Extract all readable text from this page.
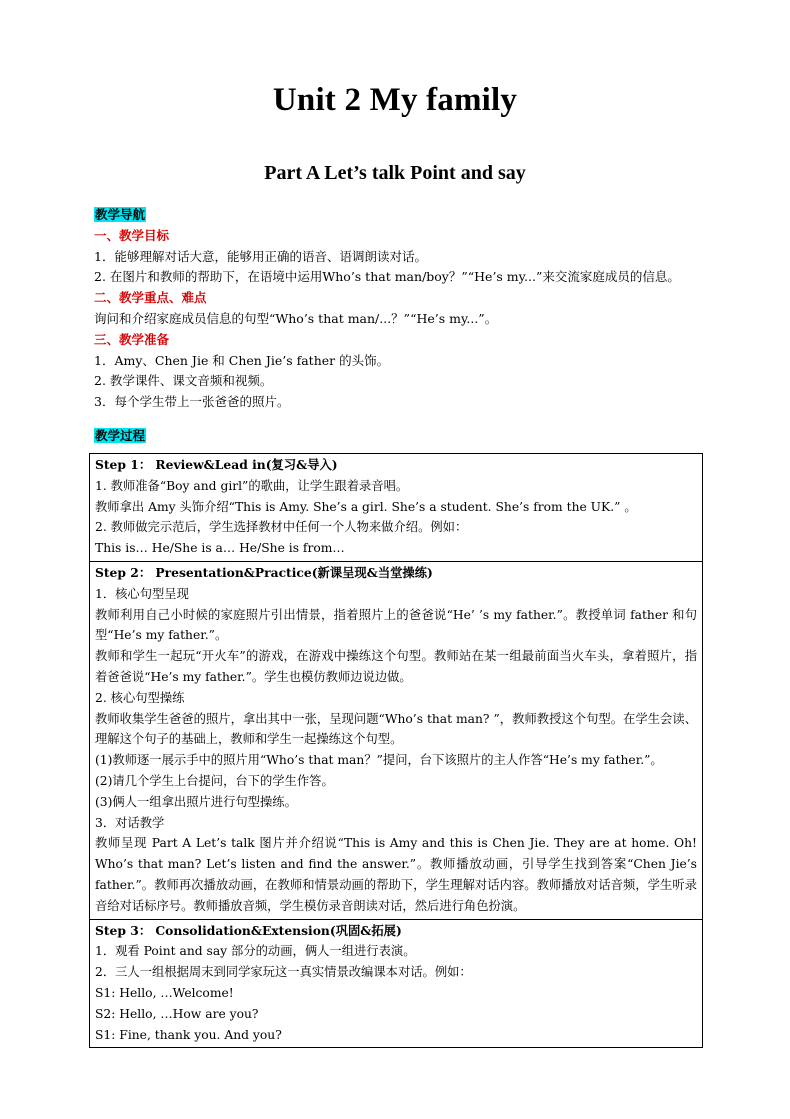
Unit 2 My family
Part A Let’s talk Point and say
教学导航
一、教学目标
1．能够理解对话大意，能够用正确的语音、语调朗读对话。
2. 在图片和教师的帮助下，在语境中运用Who’s that man/boy？”“He’s my...”来交流家庭成员的信息。
二、教学重点、难点
询问和介绍家庭成员信息的句型“Who’s that man/...？”“He’s my...”。
三、教学准备
1．Amy、Chen Jie 和 Chen Jie’s father 的头饰。
2. 教学课件、课文音频和视频。
3．每个学生带上一张爸爸的照片。
教学过程
Step 1： Review&Lead in(复习&导入)
1. 教师准备“Boy and girl”的歌曲，让学生跟着录音唱。
教师拿出 Amy 头饰介绍“This is Amy. She’s a girl. She’s a student. She’s from the UK.” 。
2. 教师做完示范后，学生选择教材中任何一个人物来做介绍。例如：
This is… He/She is a… He/She is from…

Step 2： Presentation&Practice(新课呈现&当堂操练)
1．核心句型呈现
教师利用自己小时候的家庭照片引出情景，指着照片上的爸爸说“He’ ’s my father.”。教授单词 father 和句型“He’s my father.”。
教师和学生一起玩“开火车”的游戏，在游戏中操练这个句型。教师站在某一组最前面当火车头，拿着照片，指着爸爸说“He’s my father.”。学生也模仿教师边说边做。
2. 核心句型操练
教师收集学生爸爸的照片，拿出其中一张，呈现问题“Who’s that man? ”，教师教授这个句型。在学生会读、理解这个句子的基础上，教师和学生一起操练这个句型。
(1)教师逐一展示手中的照片用“Who’s that man？”提问，台下该照片的主人作答“He’s my father.”。
(2)请几个学生上台提问，台下的学生作答。
(3)俩人一组拿出照片进行句型操练。
3．对话教学
教师呈现 Part A Let’s talk 图片并介绍说“This is Amy and this is Chen Jie. They are at home. Oh! Who’s that man? Let’s listen and find the answer.”。教师播放动画，引导学生找到答案“Chen Jie’s father.”。教师再次播放动画，在教师和情景动画的帮助下，学生理解对话内容。教师播放对话音频，学生听录音给对话标序号。教师播放音频，学生模仿录音朗读对话，然后进行角色扮演。

Step 3： Consolidation&Extension(巩固&拓展)
1．观看 Point and say 部分的动画，俩人一组进行表演。
2．三人一组根据周末到同学家玩这一真实情景改编课本对话。例如：
S1: Hello, …Welcome!
S2: Hello, …How are you?
S1: Fine, thank you. And you?
